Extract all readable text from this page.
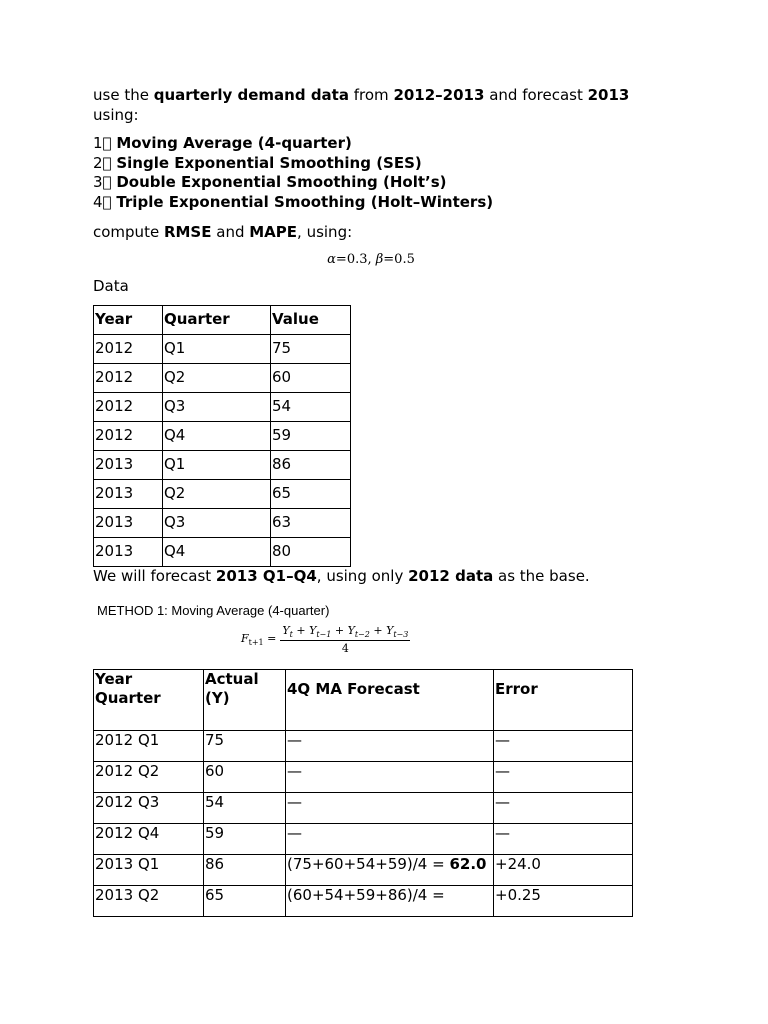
use the quarterly demand data from 2012–2013 and forecast 2013
using:

1⃣ Moving Average (4-quarter)

2⃣ Single Exponential Smoothing (SES)

3⃣ Double Exponential Smoothing (Holt’s)

4⃣ Triple Exponential Smoothing (Holt–Winters)

compute RMSE and MAPE, using:

α=0.3, β=0.5

Data

Year	Quarter	Value
2012	Q1	75
2012	Q2	60
2012	Q3	54
2012	Q4	59
2013	Q1	86
2013	Q2	65
2013	Q3	63
2013	Q4	80

We will forecast 2013 Q1–Q4, using only 2012 data as the base.

METHOD 1: Moving Average (4-quarter)
$F_{t+1} = \frac{Y_t + Y_{t-1} + Y_{t-2} + Y_{t-3}}{4}$
Year Quarter	Actual (Y)	4Q MA Forecast	Error
2012 Q1	75	—	—
2012 Q2	60	—	—
2012 Q3	54	—	—
2012 Q4	59	—	—
2013 Q1	86	(75+60+54+59)/4 = 62.0	+24.0
2013 Q2	65	(60+54+59+86)/4 =	+0.25
